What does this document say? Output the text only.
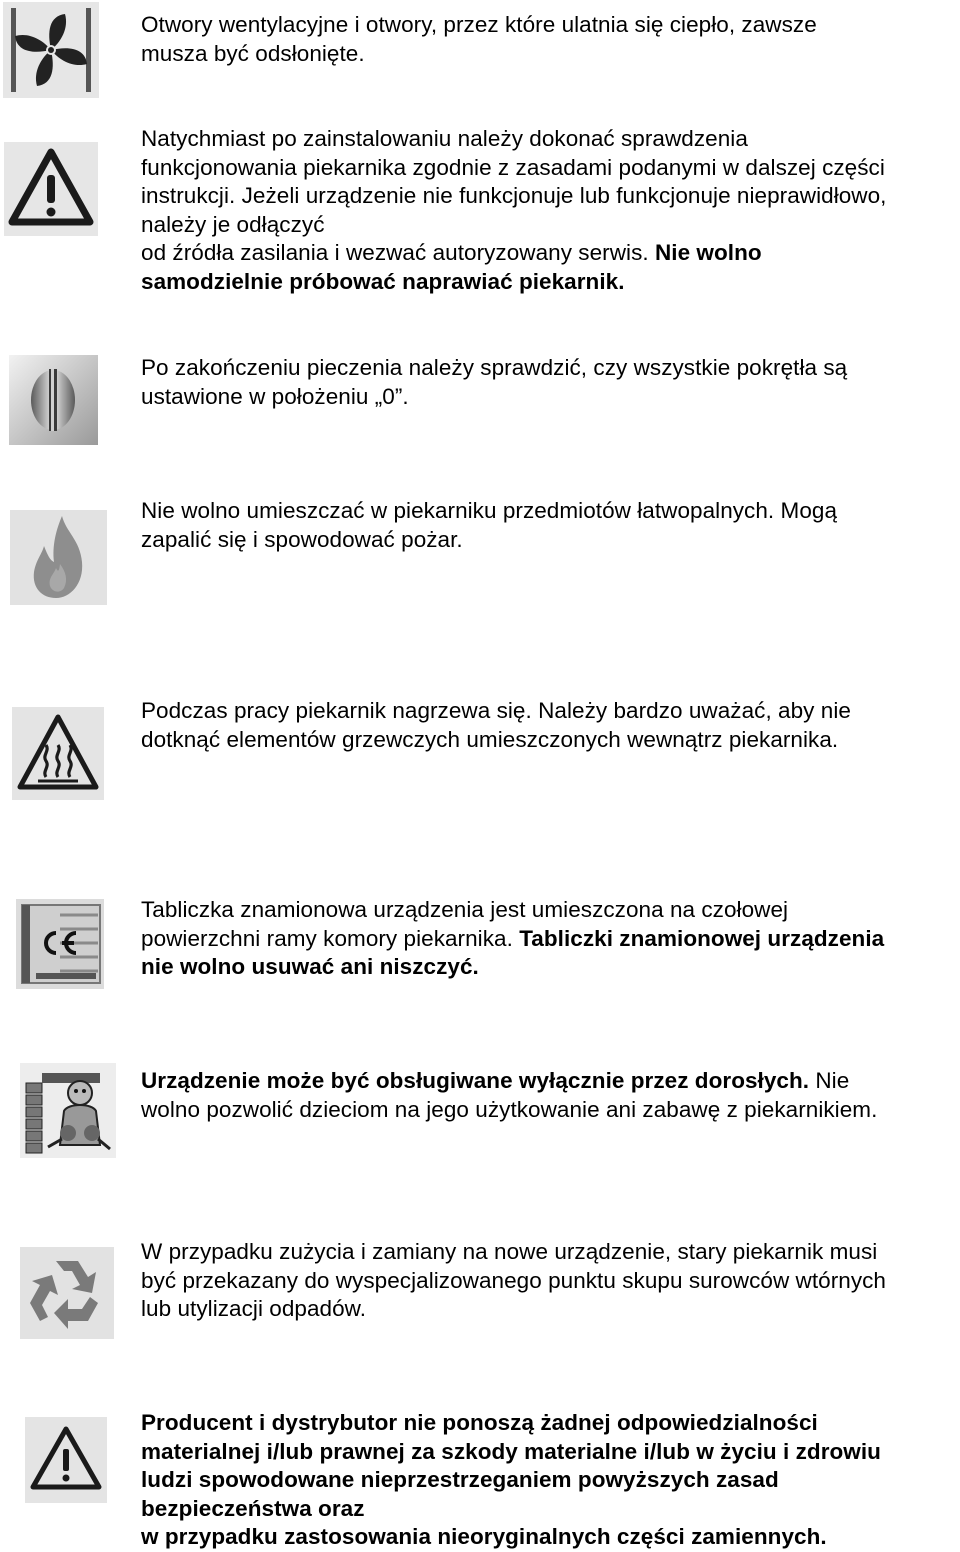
Otwory wentylacyjne i otwory, przez które ulatnia się ciepło, zawsze
musza być odsłonięte.
Natychmiast po zainstalowaniu należy dokonać sprawdzenia
funkcjonowania piekarnika zgodnie z zasadami podanymi w dalszej części
instrukcji. Jeżeli urządzenie nie funkcjonuje lub funkcjonuje nieprawidłowo,
należy je odłączyć
od źródła zasilania i wezwać autoryzowany serwis. Nie wolno
samodzielnie próbować naprawiać piekarnik.
Po zakończeniu pieczenia należy sprawdzić, czy wszystkie pokrętła są
ustawione w położeniu „0”.
Nie wolno umieszczać w piekarniku przedmiotów łatwopalnych. Mogą
zapalić się i spowodować pożar.
Podczas pracy piekarnik nagrzewa się. Należy bardzo uważać, aby nie
dotknąć elementów grzewczych umieszczonych wewnątrz piekarnika.
Tabliczka znamionowa urządzenia jest umieszczona na czołowej
powierzchni ramy komory piekarnika. Tabliczki znamionowej urządzenia
nie wolno usuwać ani niszczyć.
Urządzenie może być obsługiwane wyłącznie przez dorosłych. Nie
wolno pozwolić dzieciom na jego użytkowanie ani zabawę z piekarnikiem.
W przypadku zużycia i zamiany na nowe urządzenie, stary piekarnik musi
być przekazany do wyspecjalizowanego punktu skupu surowców wtórnych
lub utylizacji odpadów.
Producent i dystrybutor nie ponoszą żadnej odpowiedzialności
materialnej i/lub prawnej za szkody materialne i/lub w życiu i zdrowiu
ludzi spowodowane nieprzestrzeganiem powyższych zasad
bezpieczeństwa oraz
w przypadku zastosowania nieoryginalnych części zamiennych.
